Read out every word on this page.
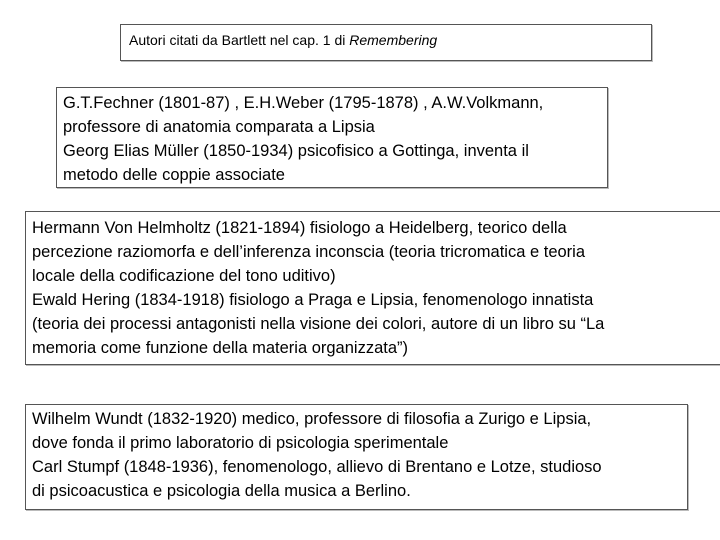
Autori citati da Bartlett nel cap. 1 di Remembering
G.T.Fechner (1801-87) , E.H.Weber (1795-1878) , A.W.Volkmann,
professore di anatomia comparata a Lipsia
Georg Elias Müller (1850-1934) psicofisico a Gottinga, inventa il
metodo delle coppie associate
Hermann Von Helmholtz (1821-1894) fisiologo a Heidelberg, teorico della
percezione raziomorfa e dell’inferenza inconscia (teoria tricromatica e teoria
locale della codificazione del tono uditivo)
Ewald Hering (1834-1918) fisiologo a Praga e Lipsia, fenomenologo innatista
(teoria dei processi antagonisti nella visione dei colori, autore di un libro su “La
memoria come funzione della materia organizzata”)
Wilhelm Wundt (1832-1920) medico, professore di filosofia a Zurigo e Lipsia,
dove fonda il primo laboratorio di psicologia sperimentale
Carl Stumpf (1848-1936), fenomenologo, allievo di Brentano e Lotze, studioso
di psicoacustica e psicologia della musica a Berlino.
